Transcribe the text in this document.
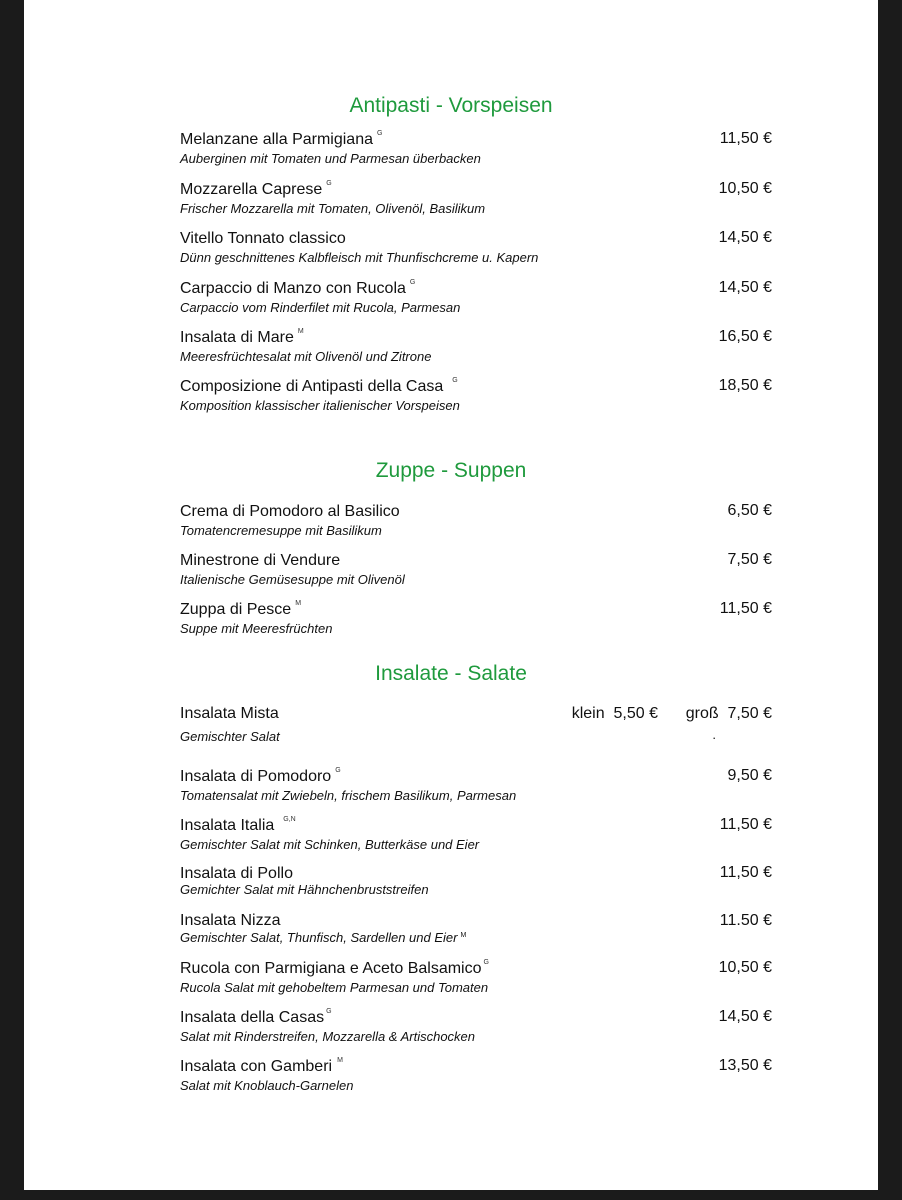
Antipasti - Vorspeisen
Melanzane alla Parmigiana $^G$
Auberginen mit Tomaten und Parmesan überbacken
11,50 €
Mozzarella Caprese $^G$
Frischer Mozzarella mit Tomaten, Olivenöl, Basilikum
10,50 €
Vitello Tonnato classico
Dünn geschnittenes Kalbfleisch mit Thunfischcreme u. Kapern
14,50 €
Carpaccio di Manzo con Rucola $^G$
Carpaccio vom Rinderfilet mit Rucola, Parmesan
14,50 €
Insalata di Mare $^M$
Meeresfrüchtesalat mit Olivenöl und Zitrone
16,50 €
Composizione di Antipasti della Casa $^G$
Komposition klassischer italienischer Vorspeisen
18,50 €
Zuppe - Suppen
Crema di Pomodoro al Basilico
Tomatencremesuppe mit Basilikum
6,50 €
Minestrone di Vendure
Italienische Gemüsesuppe mit Olivenöl
7,50 €
Zuppa di Pesce $^M$
Suppe mit Meeresfrüchten
11,50 €
Insalate - Salate
Insalata Mista
Gemischter Salat
klein  5,50 € groß  7,50 €
.
Insalata di Pomodoro $^G$
Tomatensalat mit Zwiebeln, frischem Basilikum, Parmesan
9,50 €
Insalata Italia $^{G,N}$
Gemischter Salat mit Schinken, Butterkäse und Eier
11,50 €
Insalata di Pollo
Gemichter Salat mit Hähnchenbruststreifen
11,50 €
Insalata Nizza
Gemischter Salat, Thunfisch, Sardellen und Eier $^M$
11.50 €
Rucola con Parmigiana e Aceto Balsamico $^G$
Rucola Salat mit gehobeltem Parmesan und Tomaten
10,50 €
Insalata della Casas $^G$
Salat mit Rinderstreifen, Mozzarella & Artischocken
14,50 €
Insalata con Gamberi $^M$
Salat mit Knoblauch-Garnelen
13,50 €
